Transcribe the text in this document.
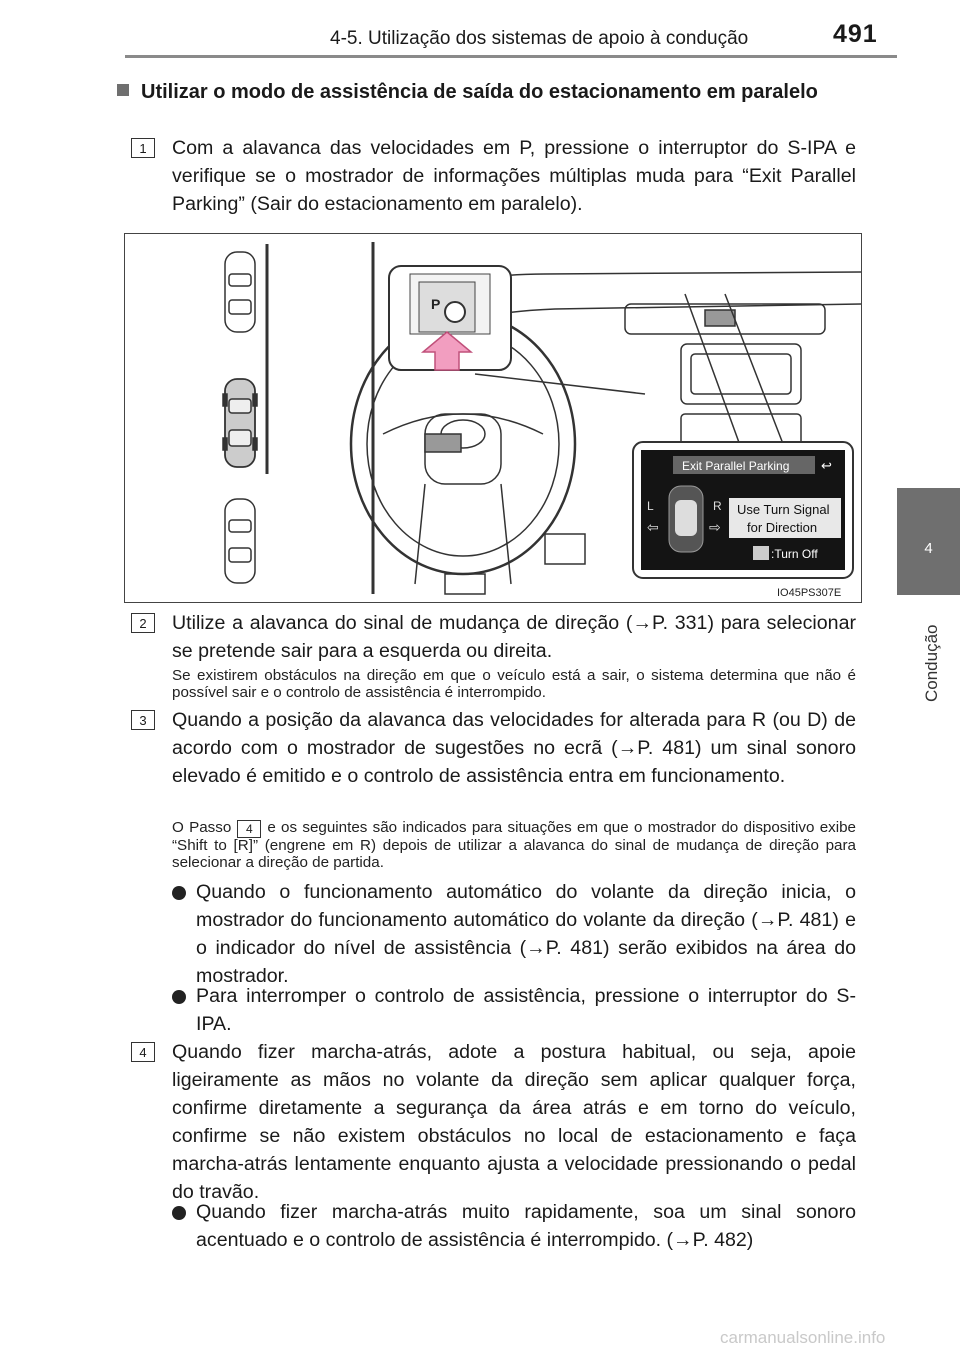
4-5. Utilização dos sistemas de apoio à condução	491
4
Condução
Utilizar o modo de assistência de saída do estacionamento em paralelo
1	Com a alavanca das velocidades em P, pressione o interruptor do S-IPA e verifique se o mostrador de informações múltiplas muda para “Exit Parallel Parking” (Sair do estacionamento em paralelo).
P
Exit Parallel Parking ↩
L
⇦
R
⇨
Use Turn Signal
for Direction
:Turn Off
IO45PS307E
2	Utilize a alavanca do sinal de mudança de direção (→P. 331) para selecionar se pretende sair para a esquerda ou direita.
Se existirem obstáculos na direção em que o veículo está a sair, o sistema determina que não é possível sair e o controlo de assistência é interrompido.
3	Quando a posição da alavanca das velocidades for alterada para R (ou D) de acordo com o mostrador de sugestões no ecrã (→P. 481) um sinal sonoro elevado é emitido e o controlo de assistência entra em funcionamento.
O Passo 4 e os seguintes são indicados para situações em que o mostrador do dispositivo exibe “Shift to [R]” (engrene em R) depois de utilizar a alavanca do sinal de mudança de direção para selecionar a direção de partida.
Quando o funcionamento automático do volante da direção inicia, o mostrador do funcionamento automático do volante da direção (→P. 481) e o indicador do nível de assistência (→P. 481) serão exibidos na área do mostrador.
Para interromper o controlo de assistência, pressione o interruptor do S-IPA.
4	Quando fizer marcha-atrás, adote a postura habitual, ou seja, apoie ligeiramente as mãos no volante da direção sem aplicar qualquer força, confirme diretamente a segurança da área atrás e em torno do veículo, confirme se não existem obstáculos no local de estacionamento e faça marcha-atrás lentamente enquanto ajusta a velocidade pressionando o pedal do travão.
Quando fizer marcha-atrás muito rapidamente, soa um sinal sonoro acentuado e o controlo de assistência é interrompido. (→P. 482)
carmanualsonline.info
